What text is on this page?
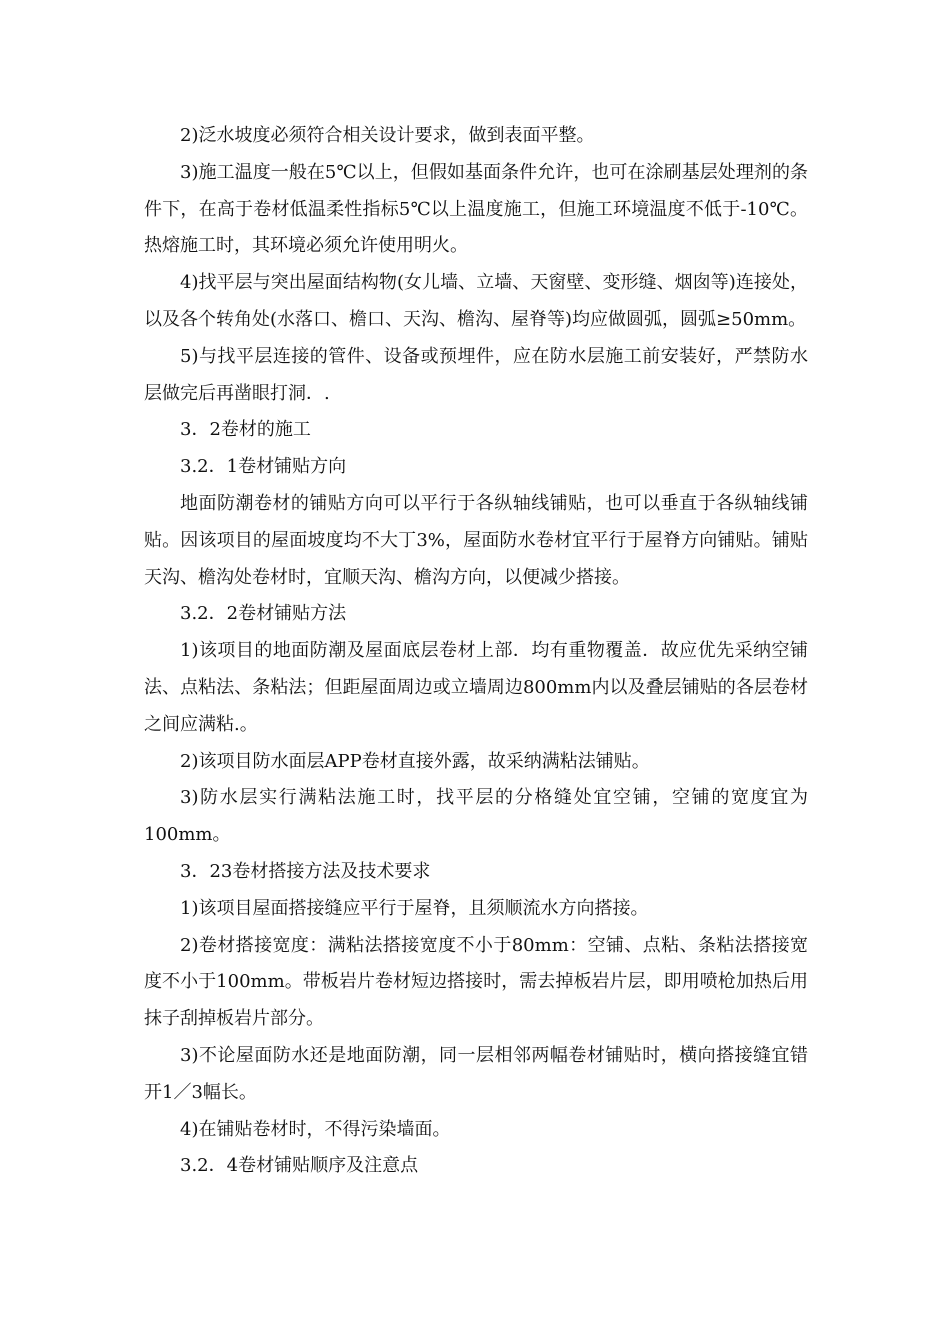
2)泛水坡度必须符合相关设计要求，做到表面平整。

3)施工温度一般在5℃以上，但假如基面条件允许，也可在涂刷基层处理剂的条件下，在高于卷材低温柔性指标5℃以上温度施工，但施工环境温度不低于-10℃。热熔施工时，其环境必须允许使用明火。

4)找平层与突出屋面结构物(女儿墙、立墙、天窗壁、变形缝、烟囱等)连接处，以及各个转角处(水落口、檐口、天沟、檐沟、屋脊等)均应做圆弧，圆弧≥50mm。

5)与找平层连接的管件、设备或预埋件，应在防水层施工前安装好，严禁防水层做完后再凿眼打洞．.

3．2卷材的施工

3.2．1卷材铺贴方向

地面防潮卷材的铺贴方向可以平行于各纵轴线铺贴，也可以垂直于各纵轴线铺贴。因该项目的屋面坡度均不大丁3%，屋面防水卷材宜平行于屋脊方向铺贴。铺贴天沟、檐沟处卷材时，宜顺天沟、檐沟方向，以便减少搭接。

3.2．2卷材铺贴方法

1)该项目的地面防潮及屋面底层卷材上部．均有重物覆盖．故应优先采纳空铺法、点粘法、条粘法；但距屋面周边或立墙周边800mm内以及叠层铺贴的各层卷材之间应满粘.。

2)该项目防水面层APP卷材直接外露，故采纳满粘法铺贴。

3)防水层实行满粘法施工时，找平层的分格缝处宜空铺，空铺的宽度宜为100mm。

3．23卷材搭接方法及技术要求

1)该项目屋面搭接缝应平行于屋脊，且须顺流水方向搭接。

2)卷材搭接宽度：满粘法搭接宽度不小于80mm：空铺、点粘、条粘法搭接宽度不小于100mm。带板岩片卷材短边搭接时，需去掉板岩片层，即用喷枪加热后用抹子刮掉板岩片部分。

3)不论屋面防水还是地面防潮，同一层相邻两幅卷材铺贴时，横向搭接缝宜错开1／3幅长。

4)在铺贴卷材时，不得污染墙面。

3.2．4卷材铺贴顺序及注意点
